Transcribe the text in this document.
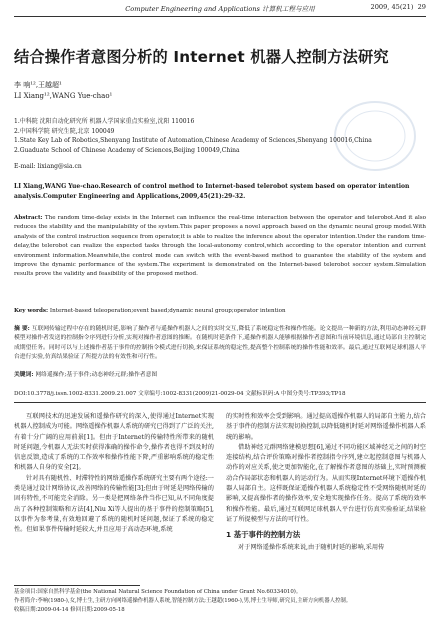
Computer Engineering and Applications 计算机工程与应用	2009, 45(21) 29
结合操作者意图分析的 Internet 机器人控制方法研究
李 响¹²,王越超¹
LI Xiang¹²,WANG Yue-chao¹
1.中科院 沈阳自动化研究所 机器人学国家重点实验室,沈阳 110016
2.中国科学院 研究生院,北京 100049
1.State Key Lab of Robotics,Shenyang Institute of Automation,Chinese Academy of Sciences,Shenyang 100016,China
2.Guaduate School of Chinese Academy of Sciences,Beijing 100049,China
E-mail: lixiang@sia.cn
LI Xiang,WANG Yue-chao.Research of control method to Internet-based telerobot system based on operator intention
analysis.Computer Engineering and Applications,2009,45(21):29-32.
Abstract: The random time-delay exists in the Internet can influence the real-time interaction between the operator and telerobot.And it also reduces the stability and the manipulability of the system.This paper proposes a novel approach based on the dynamic neural group model.With analysis of the control instruction sequence from operator,it is able to realize the inference about the operator intention.Under the random time-delay,the telerobot can realize the expected tasks through the local-autonomy control,which according to the operator intention and current environment information.Meanwhile,the control mode can switch with the event-based method to guarantee the stability of the system and improve the dynamic performance of the system.The experiment is demonstrated on the Internet-based telerobot soccer system.Simulation results prove the validity and feasibility of the proposed method.
Key words: Internet-based teleoperation;event based;dynamic neural group;operator intention
摘 要: 互联网传输过程中存在的随机时延,影响了操作者与遥操作机器人之间的实时交互,降低了系统稳定性和操作性能。论文提出一种新的方法,利用动态神经元群模型对操作者发送的控制指令序列进行分析,实现对操作者意图的推断。在随机时延条件下,遥操作机器人能够根据操作者意图和当前环境信息,通过局部自主控制完成期望任务。同时可以与上述操作者基于事件的控制指令模式进行切换,来保证系统的稳定性,提高整个控制系统的操作性能和效率。最后,通过互联网足球机器人平台进行实验,仿真结果验证了所提方法的有效性和可行性。
关键词: 网络遥操作;基于事件;动态神经元群;操作者意图
DOI:10.3778/j.issn.1002-8331.2009.21.007 文章编号:1002-8331(2009)21-0029-04 文献标识码:A 中图分类号:TP393;TP18

互联网技术的迅速发展和遥操作研究的深入,使得通过Internet实现机器人控制成为可能。网络遥操作机器人系统的研究已得到了广泛的关注,有着十分广阔的应用前景[1]。但由于Internet的传输特性所带来的随机时延问题,令机器人无法实时获得准确的操作命令,操作者也得不到及时的信息反馈,造成了系统的工作效率和操作性能下降,严重影响系统的稳定性和机器人自身的安全[2]。

针对具有随机性、时滞特性的网络遥操作系统研究主要有两个途径:一类是通过设计网络协议,改善网络的传输性能[3];但由于时延是网络传输的固有特性,不可能完全消除。另一类是把网络条件当作已知,从不同角度提出了各种控制策略和方法[4],Niu Xi等人提出的基于事件的控制策略[5],以事件为参考量,有效地回避了系统的随机时延问题,保证了系统的稳定性。但如果事件传输时延较大,并且应用于高动态环境,系统

的实时性和效率会受到影响。通过提高遥操作机器人的局部自主能力,结合基于事件的控制方法实现切换控制,以降低随机时延对网络遥操作机器人系统的影响。

借助神经元群网络建模思想[6],通过不同功能区域神经元之间的时空连接结构,结合评价策略对操作者控制指令序列,建立起控制意图与机器人动作的对应关系,使之更加智能化,在了解操作者意图的基础上,实时预测被动合作局部状态和机器人的运动行为。从而实现Internet环境下遥操作机器人局部自主。这样既保证遥操作机器人系统稳定性不受网络随机时延的影响,又提高操作者的操作效率,安全地实现操作任务。提高了系统的效率和操作性能。最后,通过互联网足球机器人平台进行仿真实验验证,结果验证了所提模型与方法的可行性。

1 基于事件的控制方法

对于网络遥操作系统来说,由于随机时延的影响,采用传

基金项目:国家自然科学基金(the National Natural Science Foundation of China under Grant No.60334010)。
作者简介:李响(1980-),女,博士生,主研方向网络遥操作机器人系统,智能控制方法;王越超(1960-),男,博士生导师,研究员,主研方向机器人控制。
收稿日期:2009-04-14 修回日期:2009-05-18
